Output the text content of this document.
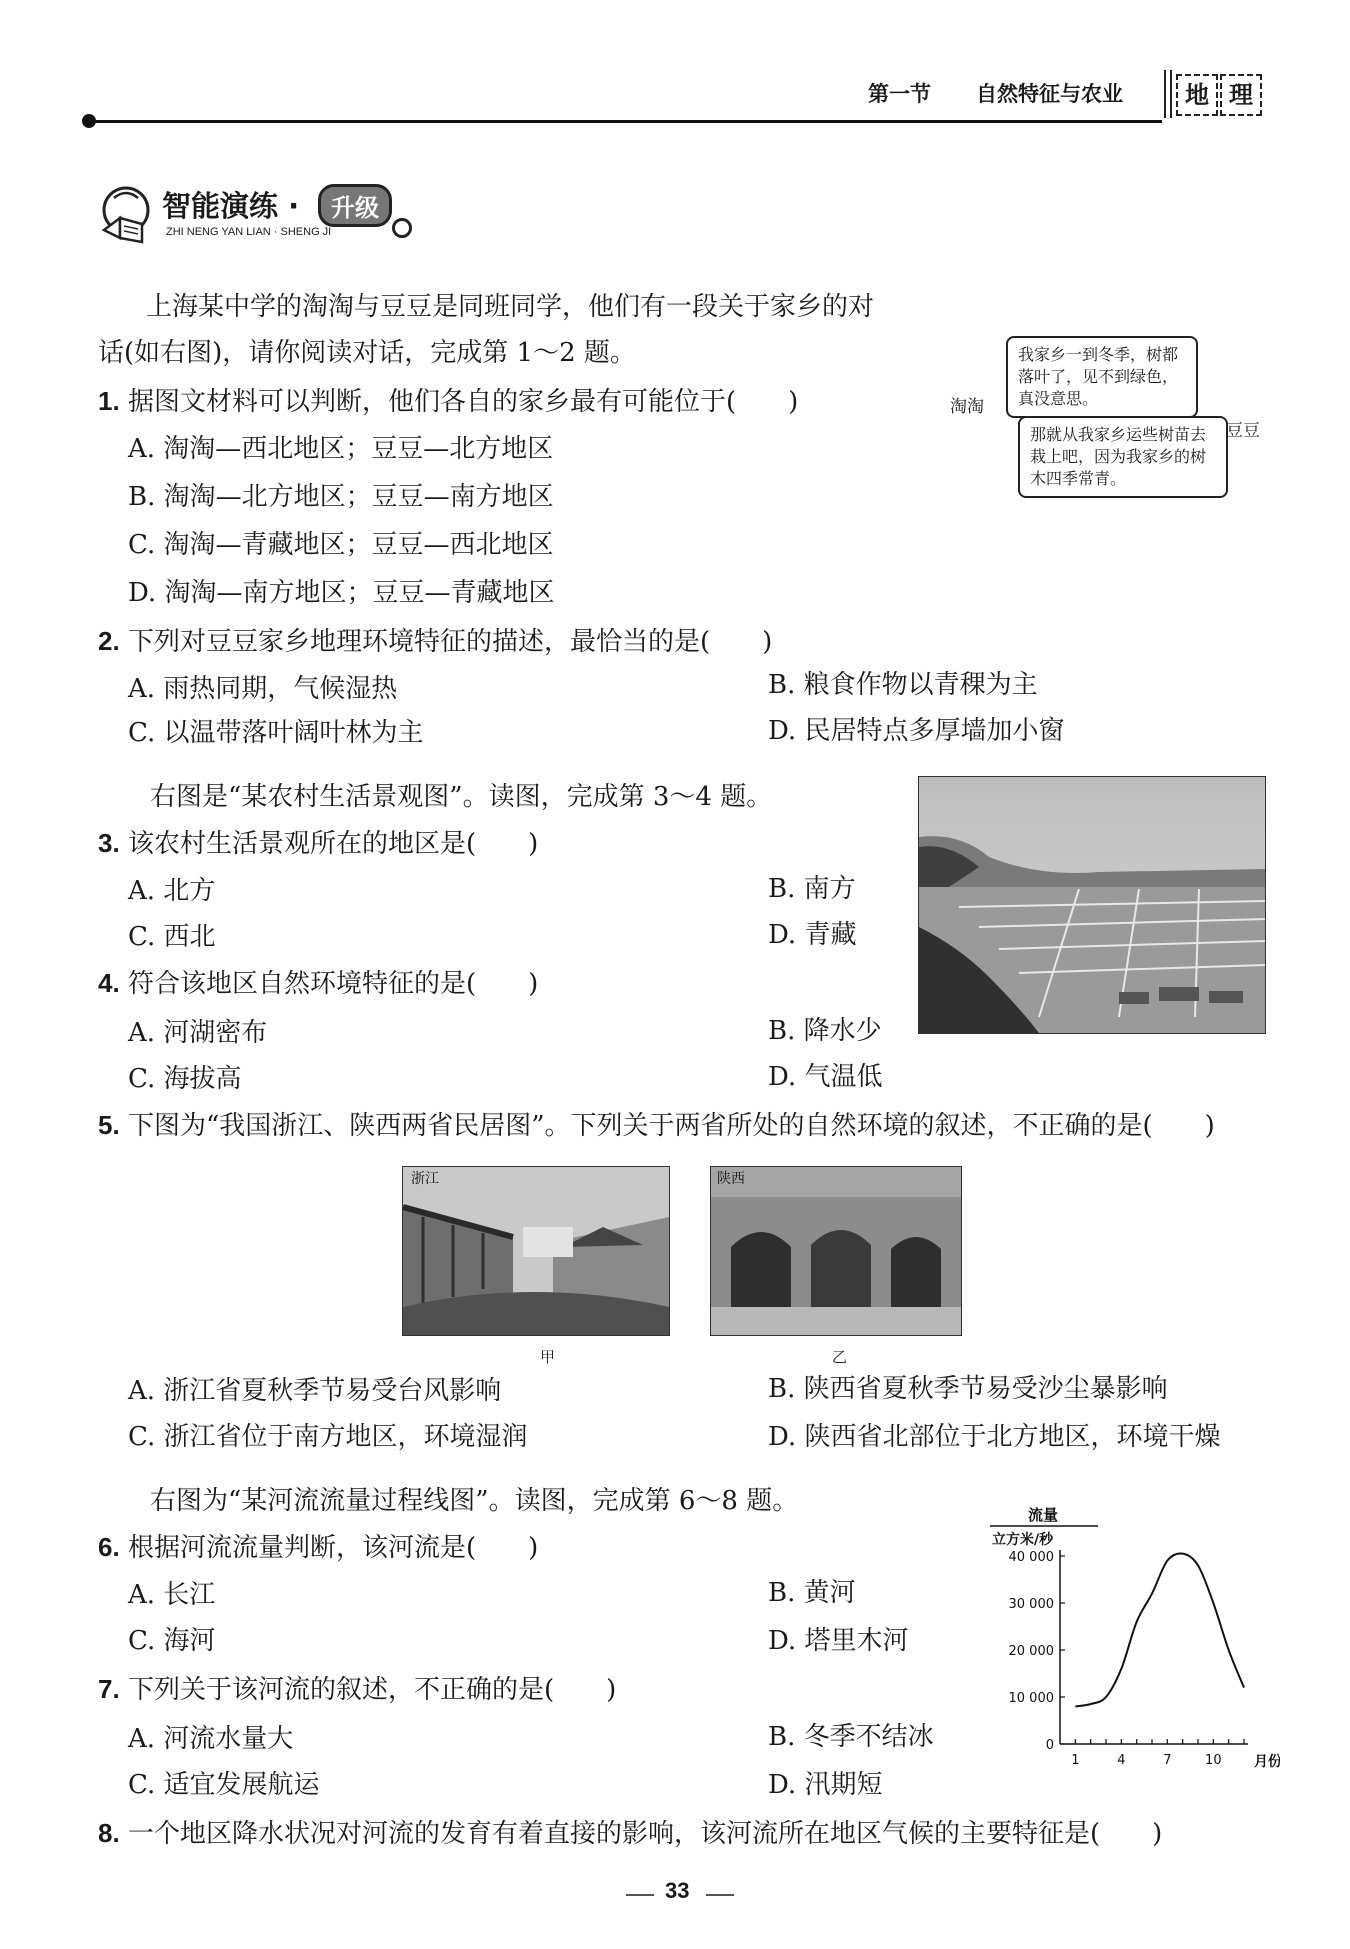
第一节 自然特征与农业	地 理
智能演练 ·	升级
ZHI NENG YAN LIAN · SHENG JI
上海某中学的淘淘与豆豆是同班同学，他们有一段关于家乡的对
话(如右图)，请你阅读对话，完成第 1～2 题。	我家乡一到冬季，树都落叶了，见不到绿色，真没意思。
淘淘
那就从我家乡运些树苗去栽上吧，因为我家乡的树木四季常青。
豆豆
1. 据图文材料可以判断，他们各自的家乡最有可能位于(　　)
A. 淘淘—西北地区；豆豆—北方地区
B. 淘淘—北方地区；豆豆—南方地区
C. 淘淘—青藏地区；豆豆—西北地区
D. 淘淘—南方地区；豆豆—青藏地区
2. 下列对豆豆家乡地理环境特征的描述，最恰当的是(　　)
A. 雨热同期，气候湿热	B. 粮食作物以青稞为主
C. 以温带落叶阔叶林为主	D. 民居特点多厚墙加小窗
右图是“某农村生活景观图”。读图，完成第 3～4 题。
3. 该农村生活景观所在的地区是(　　)
A. 北方	B. 南方
C. 西北	D. 青藏
4. 符合该地区自然环境特征的是(　　)
A. 河湖密布	B. 降水少
C. 海拔高	D. 气温低
5. 下图为“我国浙江、陕西两省民居图”。下列关于两省所处的自然环境的叙述，不正确的是(　　)
浙江
甲
陕西
乙
A. 浙江省夏秋季节易受台风影响	B. 陕西省夏秋季节易受沙尘暴影响
C. 浙江省位于南方地区，环境湿润	D. 陕西省北部位于北方地区，环境干燥
右图为“某河流流量过程线图”。读图，完成第 6～8 题。	流量
立方米/秒
0
10 000
20 000
30 000
40 000
1	4	7	10 月份
6. 根据河流流量判断，该河流是(　　)
A. 长江	B. 黄河
C. 海河	D. 塔里木河
7. 下列关于该河流的叙述，不正确的是(　　)
A. 河流水量大	B. 冬季不结冰
C. 适宜发展航运	D. 汛期短
8. 一个地区降水状况对河流的发育有着直接的影响，该河流所在地区气候的主要特征是(　　)
33
